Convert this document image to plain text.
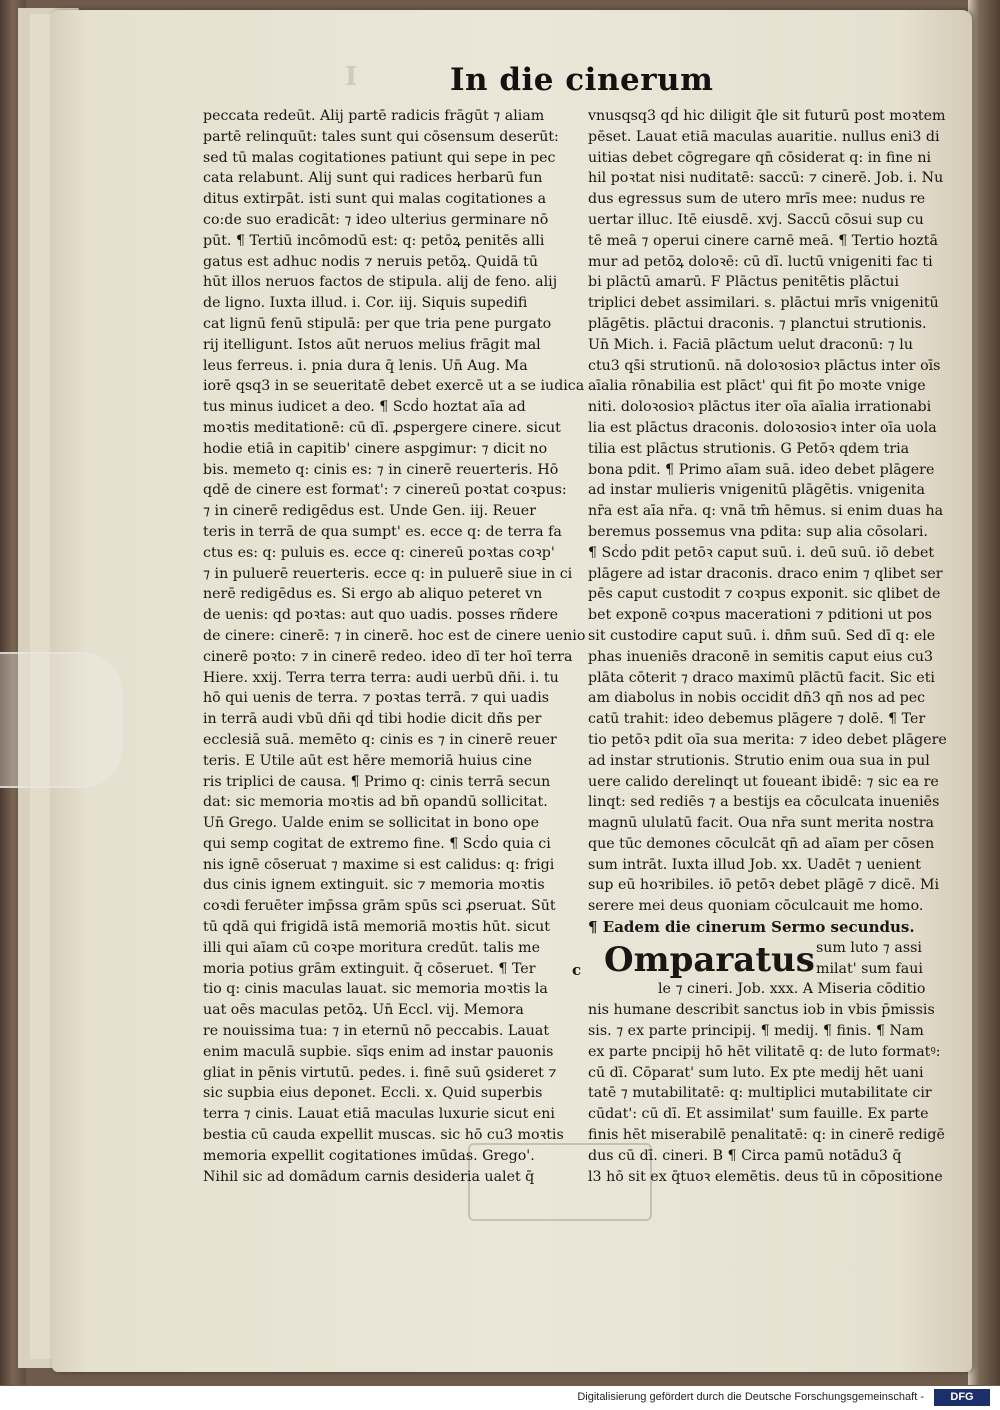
I	In die cinerum
peccata redeūt. Alij partē radicis frāgūt ⁊ aliam
partē relinquūt: tales sunt qui cōsensum deserūt:
sed tū malas cogitationes patiunt qui sepe in pec
cata relabunt. Alij sunt qui radices herbarū fun
ditus extirpāt. isti sunt qui malas cogitationes a
co:de suo eradicāt: ⁊ ideo ulterius germinare nō
pūt. ¶ Tertiū incōmodū est: q: petōꝝ penitēs alli
gatus est adhuc nodis ⁊ neruis petōꝝ. Quidā tū
hūt illos neruos factos de stipula. alij de feno. alij
de ligno. Iuxta illud. i. Cor. iij. Siquis supedifi
cat lignū fenū stipulā: per que tria pene purgato
rij itelligunt. Istos aūt neruos melius frāgit mal
leus ferreus. i. pnia dura q̄ lenis. Un̄ Aug. Ma
iorē qsq3 in se seueritatē debet exercē ut a se iudica
tus minus iudicet a deo. ¶ Scḋo hoztat aīa ad
moꝛtis meditationē: cū dī. ꝓspergere cinere. sicut
hodie etiā in capitib' cinere aspgimur: ⁊ dicit no
bis. memeto q: cinis es: ⁊ in cinerē reuerteris. Hō
qdē de cinere est format': ⁊ cinereū poꝛtat coꝛpus:
⁊ in cinerē redigēdus est. Unde Gen. iij. Reuer
teris in terrā de qua sumpt' es. ecce q: de terra fa
ctus es: q: puluis es. ecce q: cinereū poꝛtas coꝛp'
⁊ in puluerē reuerteris. ecce q: in puluerē siue in ci
nerē redigēdus es. Si ergo ab aliquo peteret vn
de uenis: qd poꝛtas: aut quo uadis. posses rñdere
de cinere: cinerē: ⁊ in cinerē. hoc est de cinere uenio
cinerē poꝛto: ⁊ in cinerē redeo. ideo dī ter hoī terra
Hiere. xxij. Terra terra terra: audi uerbū dñi. i. tu
hō qui uenis de terra. ⁊ poꝛtas terrā. ⁊ qui uadis
in terrā audi vbū dñi qḋ tibi hodie dicit dñs per
ecclesiā suā. memēto q: cinis es ⁊ in cinerē reuer
teris. E Utile aūt est hēre memoriā huius cine
ris triplici de causa. ¶ Primo q: cinis terrā secun
dat: sic memoria moꝛtis ad bn̄ opandū sollicitat.
Un̄ Grego. Ualde enim se sollicitat in bono ope
qui semp cogitat de extremo fine. ¶ Scḋo quia ci
nis ignē cōseruat ⁊ maxime si est calidus: q: frigi
dus cinis ignem extinguit. sic ⁊ memoria moꝛtis
coꝛdi feruēter imp̄ssa grām spūs sci ꝓseruat. Sūt
tū qdā qui frigidā istā memoriā moꝛtis hūt. sicut
illi qui aīam cū coꝛpe moritura credūt. talis me
moria potius grām extinguit. q̄ cōseruet. ¶ Ter
tio q: cinis maculas lauat. sic memoria moꝛtis la
uat oēs maculas petōꝝ. Un̄ Eccl. vij. Memora
re nouissima tua: ⁊ in eternū nō peccabis. Lauat
enim maculā supbie. sīqs enim ad instar pauonis
gliat in pēnis virtutū. pedes. i. finē suū ꝯsideret ⁊
sic supbia eius deponet. Eccli. x. Quid superbis
terra ⁊ cinis. Lauat etiā maculas luxurie sicut eni
bestia cū cauda expellit muscas. sic hō cu3 moꝛtis
memoria expellit cogitationes imūdas. Grego'.
Nihil sic ad domādum carnis desideria ualet q̄
vnusqsq3 qḋ hic diligit q̄le sit futurū post moꝛtem
pēset. Lauat etiā maculas auaritie. nullus eni3 di
uitias debet cōgregare qn̄ cōsiderat q: in fine ni
hil poꝛtat nisi nuditatē: saccū: ⁊ cinerē. Job. i. Nu
dus egressus sum de utero mrīs mee: nudus re
uertar illuc. Itē eiusdē. xvj. Saccū cōsui sup cu
tē meā ⁊ operui cinere carnē meā. ¶ Tertio hoztā
mur ad petōꝝ doloꝛē: cū dī. luctū vnigeniti fac ti
bi plāctū amarū. F Plāctus penitētis plāctui
triplici debet assimilari. s. plāctui mrīs vnigenitū
plāgētis. plāctui draconis. ⁊ planctui strutionis.
Un̄ Mich. i. Faciā plāctum uelut draconū: ⁊ lu
ctu3 qs̄i strutionū. nā doloꝛosioꝛ plāctus inter oīs
aīalia rōnabilia est plāct' qui fit p̄o moꝛte vnige
niti. doloꝛosioꝛ plāctus iter oīa aīalia irrationabi
lia est plāctus draconis. doloꝛosioꝛ inter oīa uola
tilia est plāctus strutionis. G Petōꝛ qdem tria
bona pdit. ¶ Primo aīam suā. ideo debet plāgere
ad instar mulieris vnigenitū plāgētis. vnigenita
nr̄a est aīa nr̄a. q: vnā tm̄ hēmus. si enim duas ha
beremus possemus vna pdita: sup alia cōsolari.
¶ Scḋo pdit petōꝛ caput suū. i. deū suū. iō debet
plāgere ad istar draconis. draco enim ⁊ qlibet ser
pēs caput custodit ⁊ coꝛpus exponit. sic qlibet de
bet exponē coꝛpus macerationi ⁊ pditioni ut pos
sit custodire caput suū. i. dn̄m suū. Sed dī q: ele
phas inueniēs draconē in semitis caput eius cu3
plāta cōterit ⁊ draco maximū plāctū facit. Sic eti
am diabolus in nobis occidit dn̄3 qn̄ nos ad pec
catū trahit: ideo debemus plāgere ⁊ dolē. ¶ Ter
tio petōꝛ pdit oīa sua merita: ⁊ ideo debet plāgere
ad instar strutionis. Strutio enim oua sua in pul
uere calido derelinqt ut foueant ibidē: ⁊ sic ea re
linqt: sed rediēs ⁊ a bestijs ea cōculcata inueniēs
magnū ululatū facit. Oua nr̄a sunt merita nostra
que tūc demones cōculcāt qn̄ ad aīam per cōsen
sum intrāt. Iuxta illud Job. xx. Uadēt ⁊ uenient
sup eū hoꝛribiles. iō petōꝛ debet plāgē ⁊ dicē. Mi
serere mei deus quoniam cōculcauit me homo.
¶ Eadem die cinerum Sermo secundus.
c Omparatus sum luto ⁊ assi
milat' sum faui
le ⁊ cineri. Job. xxx. A Miseria cōditio
nis humane describit sanctus iob in vbis p̄missis
sis. ⁊ ex parte principij. ¶ medij. ¶ finis. ¶ Nam
ex parte pncipij hō hēt vilitatē q: de luto formatꝰ:
cū dī. Cōparat' sum luto. Ex pte medij hēt uani
tatē ⁊ mutabilitatē: q: multiplici mutabilitate cir
cūdat': cū dī. Et assimilat' sum fauille. Ex parte
finis hēt miserabilē penalitatē: q: in cinerē redigē
dus cū dī. cineri. B ¶ Circa pamū notādu3 q̄
l3 hō sit ex q̄tuoꝛ elemētis. deus tū in cōpositione
Digitalisierung gefördert durch die Deutsche Forschungsgemeinschaft -	DFG
